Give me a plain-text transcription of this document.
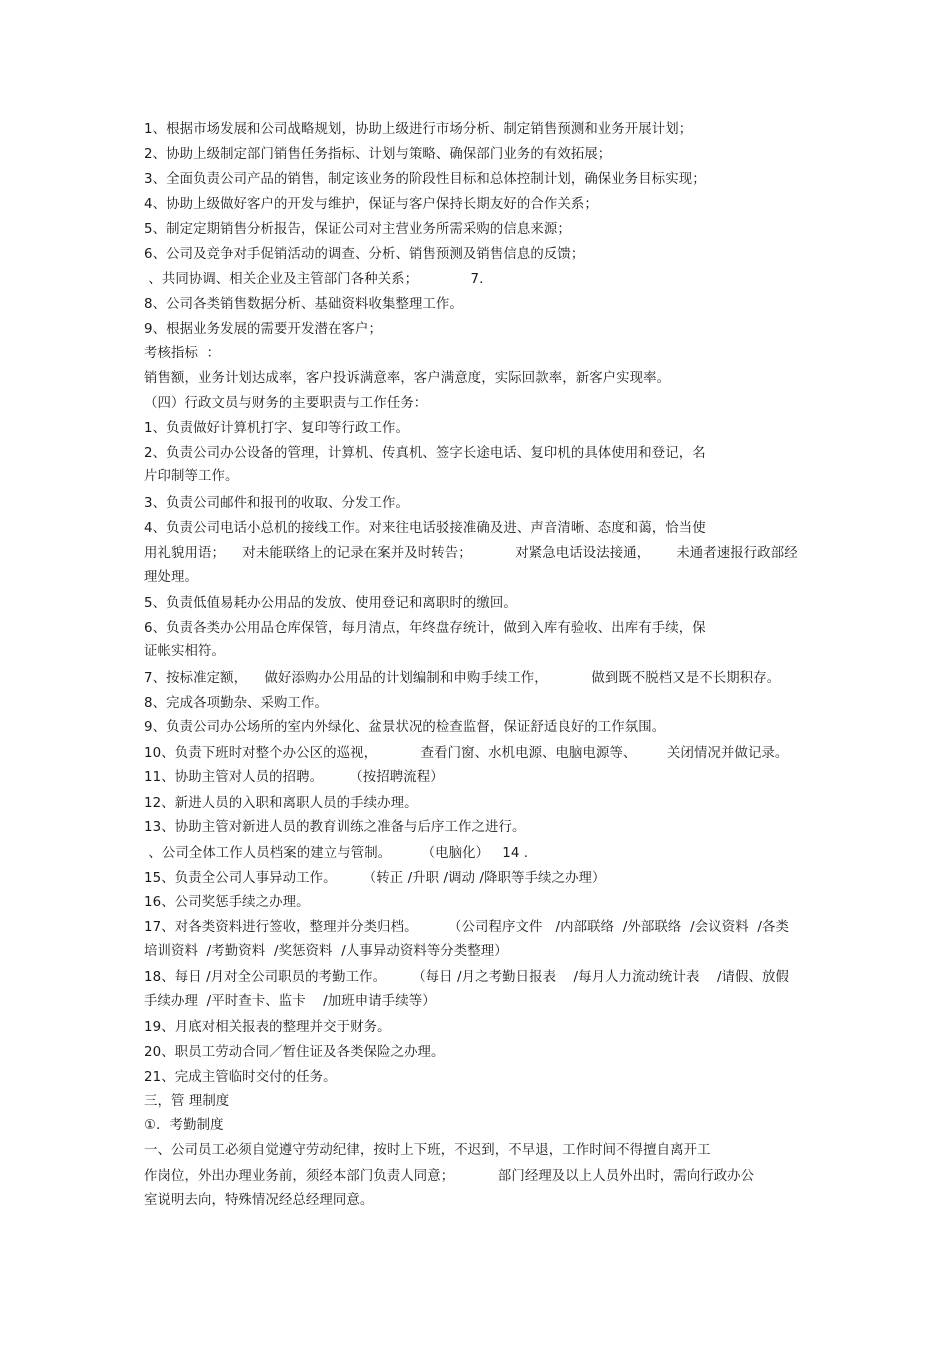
1、根据市场发展和公司战略规划，协助上级进行市场分析、制定销售预测和业务开展计划；
2、协助上级制定部门销售任务指标、计划与策略、确保部门业务的有效拓展；
3、全面负责公司产品的销售，制定该业务的阶段性目标和总体控制计划，确保业务目标实现；
4、协助上级做好客户的开发与维护，保证与客户保持长期友好的合作关系；
5、制定定期销售分析报告，保证公司对主营业务所需采购的信息来源；
6、公司及竞争对手促销活动的调查、分析、销售预测及销售信息的反馈；
、共同协调、相关企业及主管部门各种关系；            7.
8、公司各类销售数据分析、基础资料收集整理工作。
9、根据业务发展的需要开发潜在客户；
考核指标  ：
销售额，业务计划达成率，客户投诉满意率，客户满意度，实际回款率，新客户实现率。
（四）行政文员与财务的主要职责与工作任务：
1、负责做好计算机打字、复印等行政工作。
2、负责公司办公设备的管理，计算机、传真机、签字长途电话、复印机的具体使用和登记，名
片印制等工作。
3、负责公司邮件和报刊的收取、分发工作。
4、负责公司电话小总机的接线工作。对来往电话驳接准确及进、声音清晰、态度和蔼，恰当使
用礼貌用语；    对未能联络上的记录在案并及时转告；          对紧急电话设法接通，      未通者速报行政部经
理处理。
5、负责低值易耗办公用品的发放、使用登记和离职时的缴回。
6、负责各类办公用品仓库保管，每月清点，年终盘存统计，做到入库有验收、出库有手续，保
证帐实相符。
7、按标准定额，    做好添购办公用品的计划编制和申购手续工作，          做到既不脱档又是不长期积存。
8、完成各项勤杂、采购工作。
9、负责公司办公场所的室内外绿化、盆景状况的检查监督，保证舒适良好的工作氛围。
10、负责下班时对整个办公区的巡视，          查看门窗、水机电源、电脑电源等、       关闭情况并做记录。
11、协助主管对人员的招聘。      （按招聘流程）
12、新进人员的入职和离职人员的手续办理。
13、协助主管对新进人员的教育训练之准备与后序工作之进行。
、公司全体工作人员档案的建立与管制。       （电脑化）   14 .
15、负责全公司人事异动工作。      （转正 /升职 /调动 /降职等手续之办理）
16、公司奖惩手续之办理。
17、对各类资料进行签收，整理并分类归档。       （公司程序文件   /内部联络  /外部联络  /会议资料  /各类
培训资料  /考勤资料  /奖惩资料  /人事异动资料等分类整理）
18、每日 /月对全公司职员的考勤工作。      （每日 /月之考勤日报表    /每月人力流动统计表    /请假、放假
手续办理  /平时查卡、监卡    /加班申请手续等）
19、月底对相关报表的整理并交于财务。
20、职员工劳动合同／暂住证及各类保险之办理。
21、完成主管临时交付的任务。
三，管 理制度
①．考勤制度
一、公司员工必须自觉遵守劳动纪律，按时上下班，不迟到，不早退，工作时间不得擅自离开工
作岗位，外出办理业务前，须经本部门负责人同意；          部门经理及以上人员外出时，需向行政办公
室说明去向，特殊情况经总经理同意。
